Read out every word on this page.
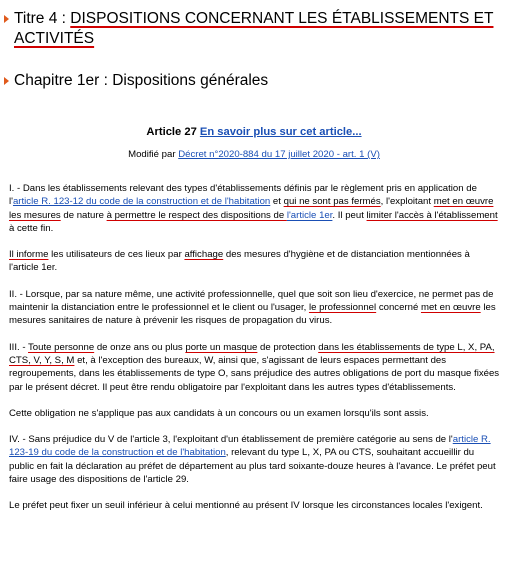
Titre 4 : DISPOSITIONS CONCERNANT LES ÉTABLISSEMENTS ET
ACTIVITÉS
Chapitre 1er : Dispositions générales
Article 27 En savoir plus sur cet article...
Modifié par Décret n°2020-884 du 17 juillet 2020 - art. 1 (V)

I. - Dans les établissements relevant des types d'établissements définis par le règlement pris en application de l'article R. 123-12 du code de la construction et de l'habitation et qui ne sont pas fermés, l'exploitant met en œuvre les mesures de nature à permettre le respect des dispositions de l'article 1er. Il peut limiter l'accès à l'établissement à cette fin.

Il informe les utilisateurs de ces lieux par affichage des mesures d'hygiène et de distanciation mentionnées à l'article 1er.

II. - Lorsque, par sa nature même, une activité professionnelle, quel que soit son lieu d'exercice, ne permet pas de maintenir la distanciation entre le professionnel et le client ou l'usager, le professionnel concerné met en œuvre les mesures sanitaires de nature à prévenir les risques de propagation du virus.

III. - Toute personne de onze ans ou plus porte un masque de protection dans les établissements de type L, X, PA, CTS, V, Y, S, M et, à l'exception des bureaux, W, ainsi que, s'agissant de leurs espaces permettant des regroupements, dans les établissements de type O, sans préjudice des autres obligations de port du masque fixées par le présent décret. Il peut être rendu obligatoire par l'exploitant dans les autres types d'établissements.

Cette obligation ne s'applique pas aux candidats à un concours ou un examen lorsqu'ils sont assis.

IV. - Sans préjudice du V de l'article 3, l'exploitant d'un établissement de première catégorie au sens de l'article R. 123-19 du code de la construction et de l'habitation, relevant du type L, X, PA ou CTS, souhaitant accueillir du public en fait la déclaration au préfet de département au plus tard soixante-douze heures à l'avance. Le préfet peut faire usage des dispositions de l'article 29.

Le préfet peut fixer un seuil inférieur à celui mentionné au présent IV lorsque les circonstances locales l'exigent.
